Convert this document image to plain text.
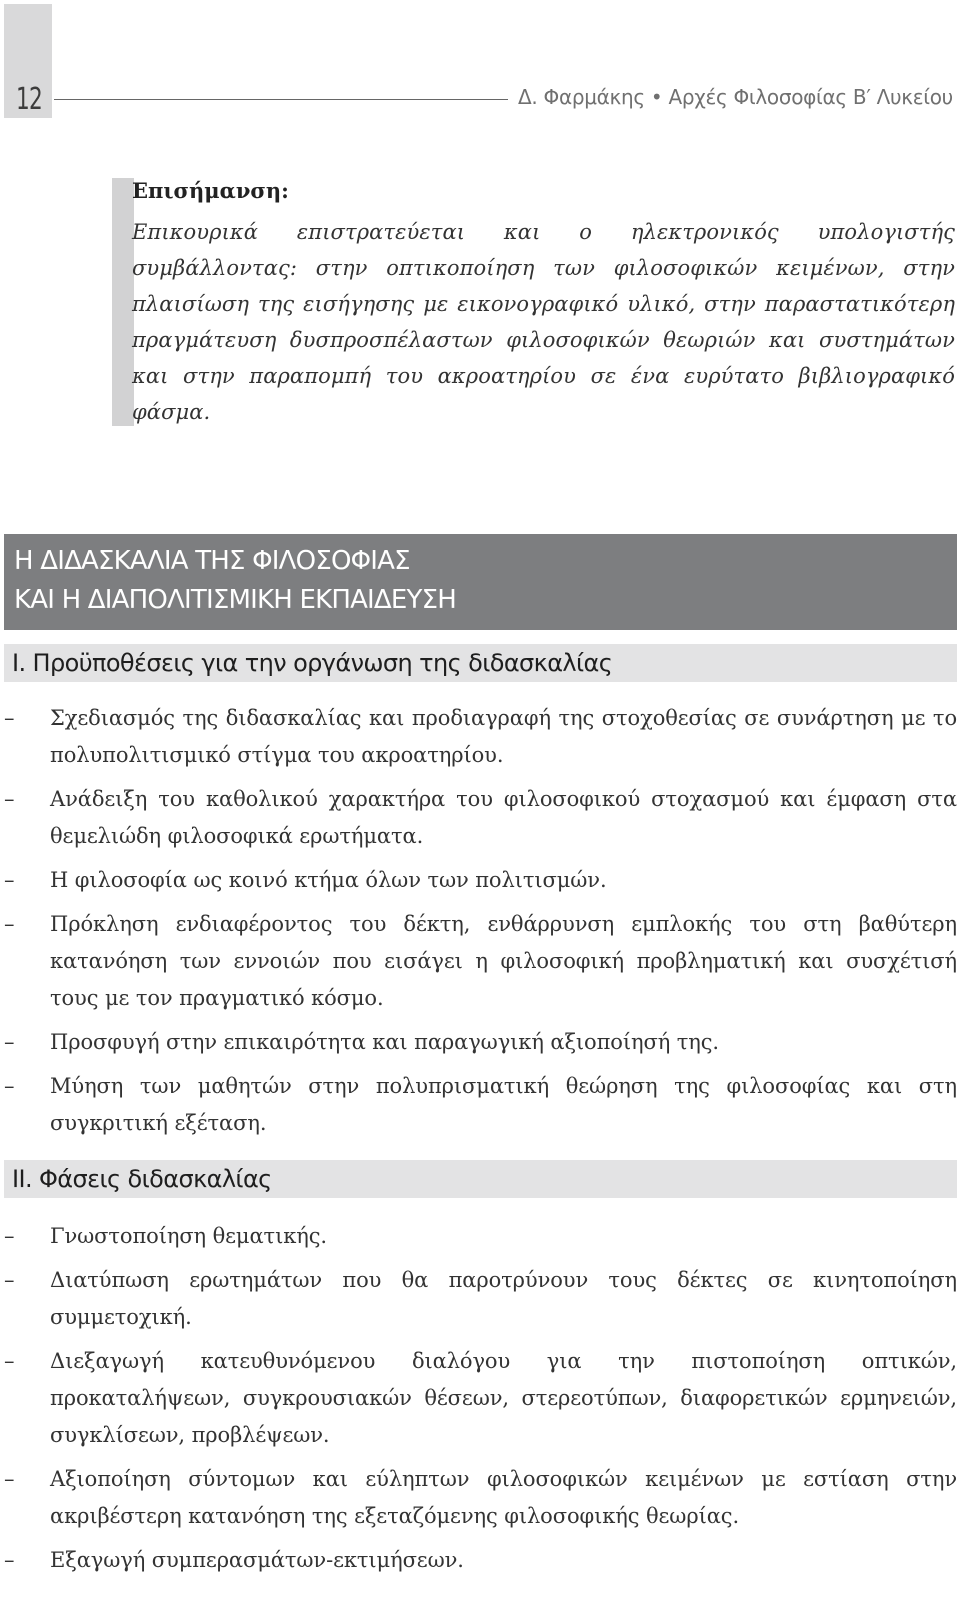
12	Δ. Φαρμάκης • Αρχές Φιλοσοφίας Β′ Λυκείου
Επισήμανση:
Επικουρικά επιστρατεύεται και ο ηλεκτρονικός υπολογιστής συμβάλλοντας: στην οπτικοποίηση των φιλοσοφικών κειμένων, στην πλαισίωση της εισήγησης με εικονογραφικό υλικό, στην παραστατικότερη πραγμάτευση δυσπροσπέλαστων φιλοσοφικών θεωριών και συστημάτων και στην παραπομπή του ακροατηρίου σε ένα ευρύτατο βιβλιογραφικό φάσμα.
Η ΔΙΔΑΣΚΑΛΙΑ ΤΗΣ ΦΙΛΟΣΟΦΙΑΣ
ΚΑΙ Η ΔΙΑΠΟΛΙΤΙΣΜΙΚΗ ΕΚΠΑΙΔΕΥΣΗ
Ι. Προϋποθέσεις για την οργάνωση της διδασκαλίας
–	Σχεδιασμός της διδασκαλίας και προδιαγραφή της στοχοθεσίας σε συνάρτηση με το πολυπολιτισμικό στίγμα του ακροατηρίου.
–	Ανάδειξη του καθολικού χαρακτήρα του φιλοσοφικού στοχασμού και έμφαση στα θεμελιώδη φιλοσοφικά ερωτήματα.
–	Η φιλοσοφία ως κοινό κτήμα όλων των πολιτισμών.
–	Πρόκληση ενδιαφέροντος του δέκτη, ενθάρρυνση εμπλοκής του στη βαθύτερη κατανόηση των εννοιών που εισάγει η φιλοσοφική προβληματική και συσχέτισή τους με τον πραγματικό κόσμο.
–	Προσφυγή στην επικαιρότητα και παραγωγική αξιοποίησή της.
–	Μύηση των μαθητών στην πολυπρισματική θεώρηση της φιλοσοφίας και στη συγκριτική εξέταση.
ΙΙ. Φάσεις διδασκαλίας
–	Γνωστοποίηση θεματικής.
–	Διατύπωση ερωτημάτων που θα παροτρύνουν τους δέκτες σε κινητοποίηση συμμετοχική.
–	Διεξαγωγή κατευθυνόμενου διαλόγου για την πιστοποίηση οπτικών, προκαταλήψεων, συγκρουσιακών θέσεων, στερεοτύπων, διαφορετικών ερμηνειών, συγκλίσεων, προβλέψεων.
–	Αξιοποίηση σύντομων και εύληπτων φιλοσοφικών κειμένων με εστίαση στην ακριβέστερη κατανόηση της εξεταζόμενης φιλοσοφικής θεωρίας.
–	Εξαγωγή συμπερασμάτων-εκτιμήσεων.
